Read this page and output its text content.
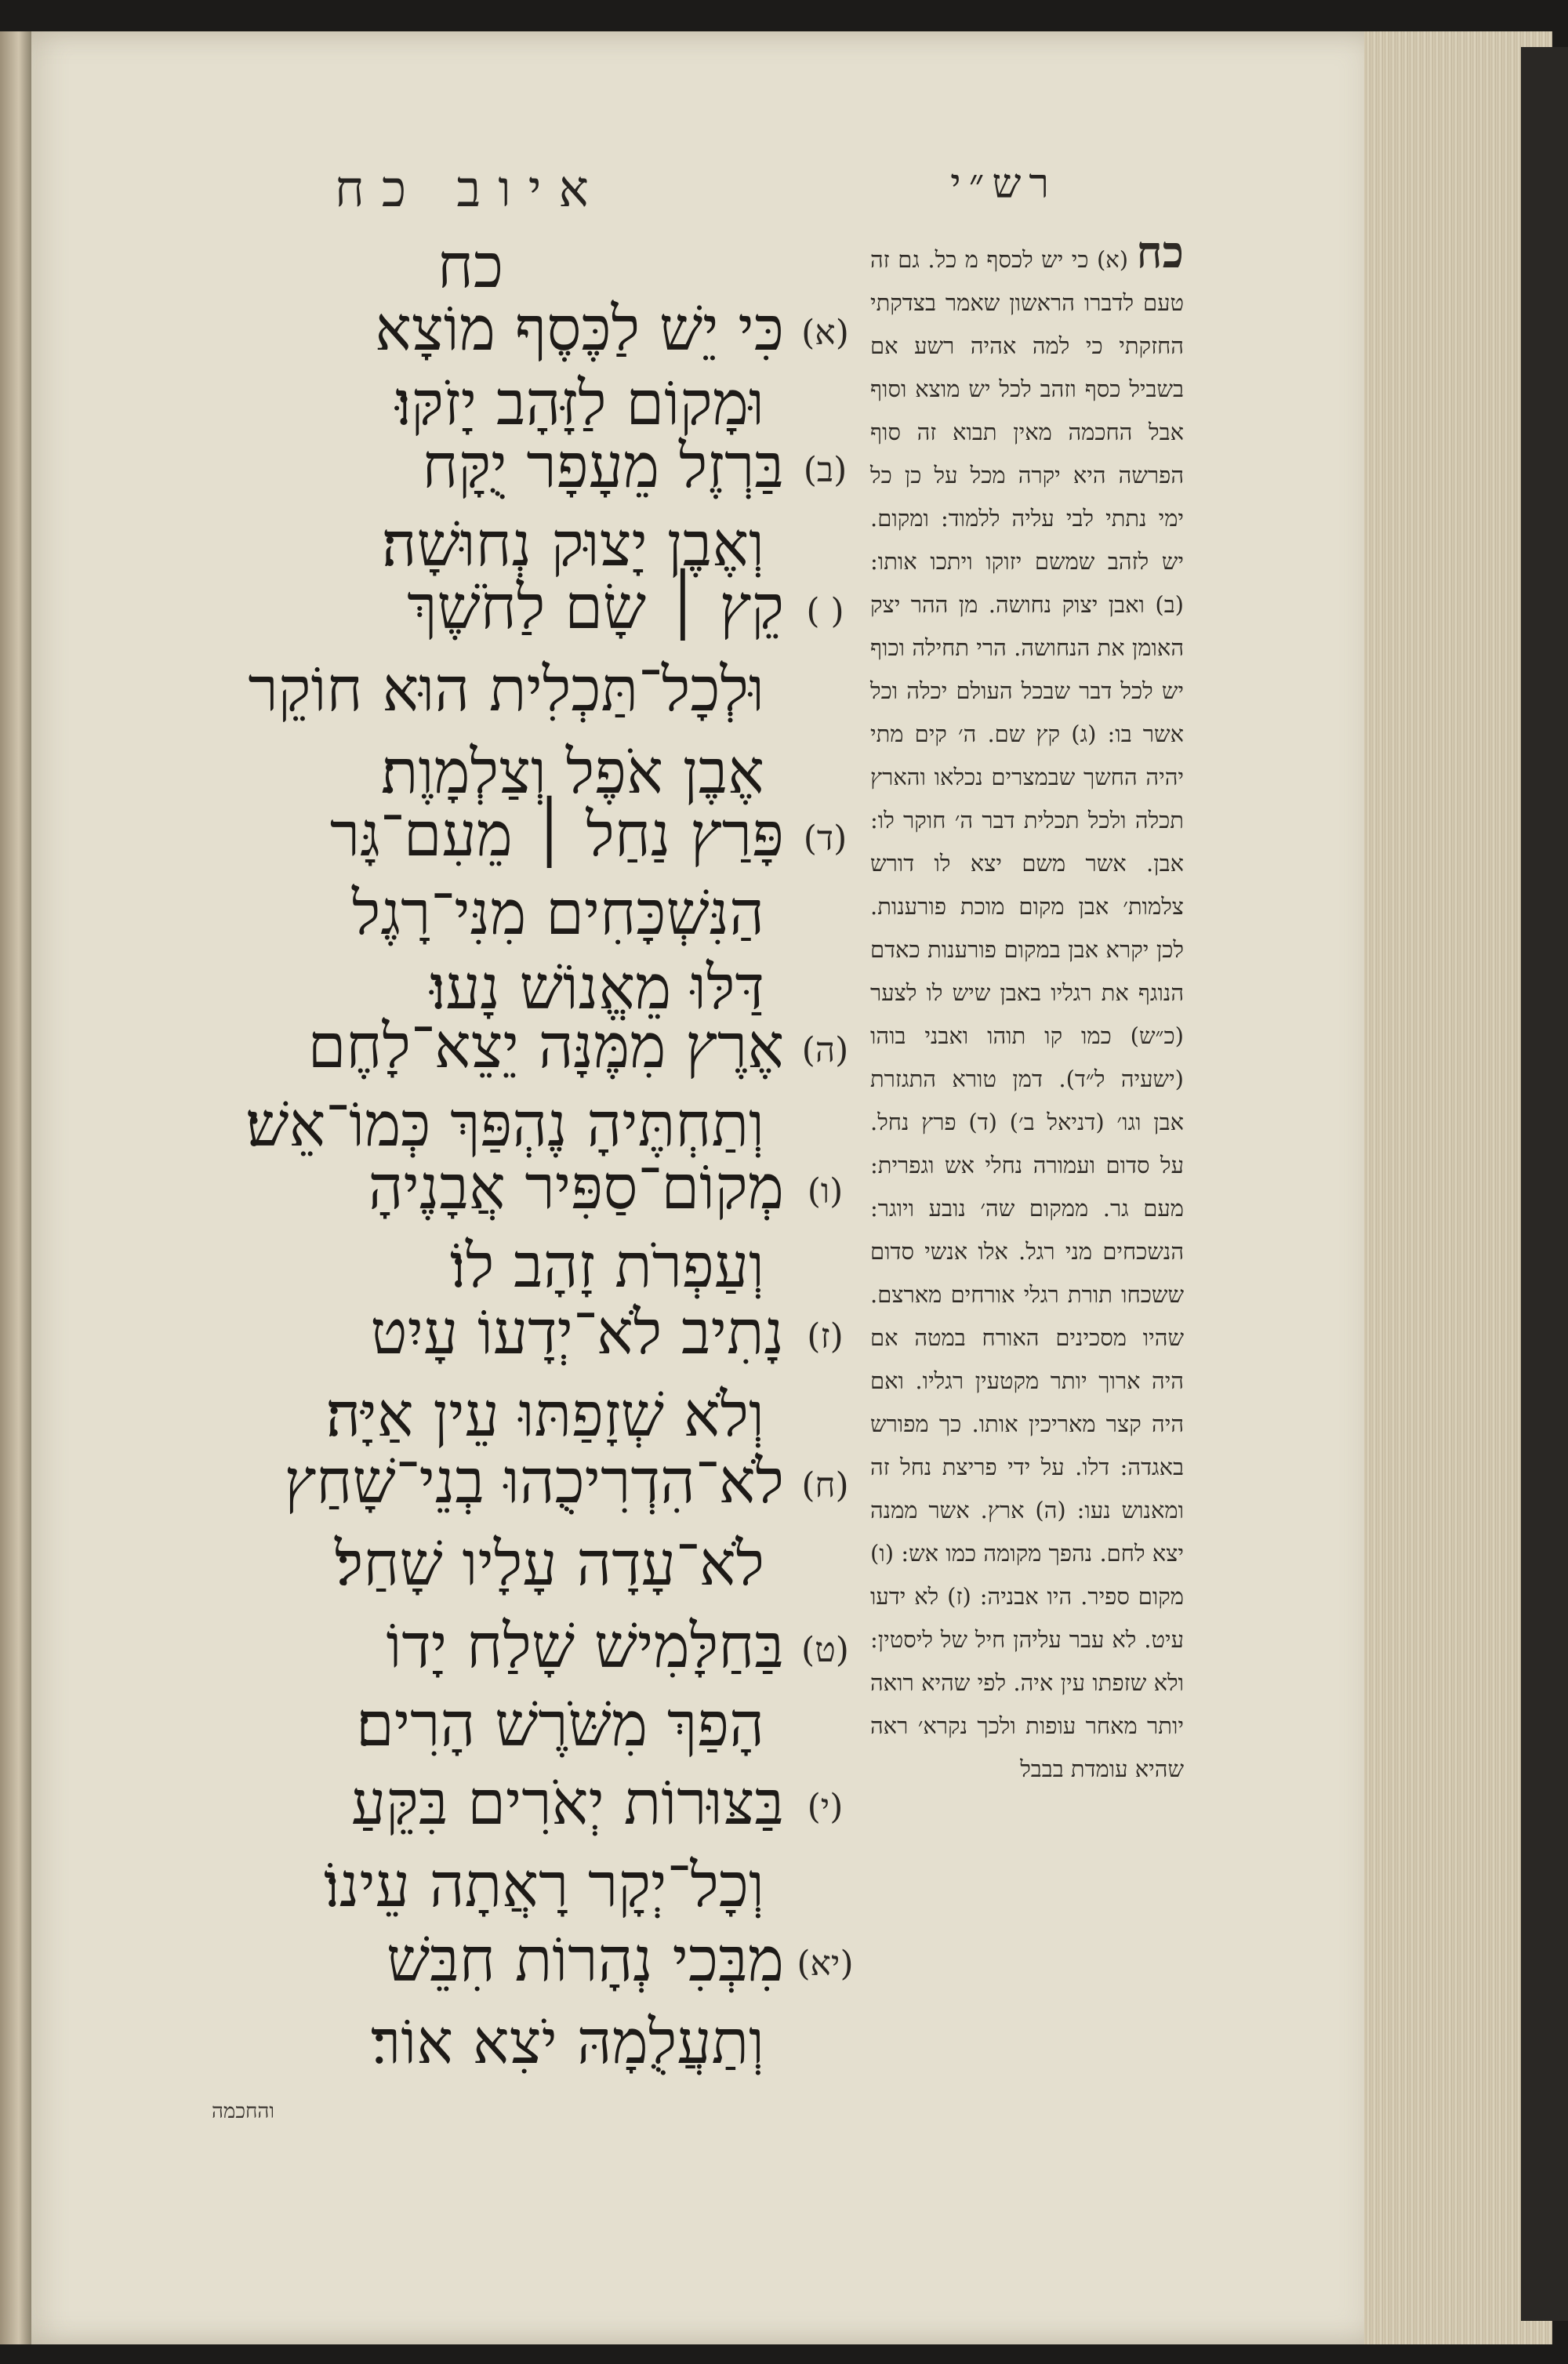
איוב כח	רש״י
כח
(א)
כִּי יֵשׁ לַכֶּסֶף מוֹצָא
וּמָקוֹם לַזָּהָב יָזֹקּוּ׃
(ב)
בַּרְזֶל מֵעָפָר יֻקָּח
וְאֶבֶן יָצוּק נְחוּשָׁה׃
( )
קֵץ ׀ שָׂם לַחֹשֶׁךְ
וּלְכָל־תַּכְלִית הוּא חוֹקֵר
אֶבֶן אֹפֶל וְצַלְמָוֶת׃
(ד)
פָּרַץ נַחַל ׀ מֵעִם־גָּר
הַנִּשְׁכָּחִים מִנִּי־רָגֶל
דַּלּוּ מֵאֱנוֹשׁ נָעוּ׃
(ה)
אֶרֶץ מִמֶּנָּה יֵצֵא־לָחֶם
וְתַחְתֶּיהָ נֶהְפַּךְ כְּמוֹ־אֵשׁ׃
(ו)
מְקוֹם־סַפִּיר אֲבָנֶיהָ
וְעַפְרֹת זָהָב לוֹ׃
(ז)
נָתִיב לֹא־יְדָעוֹ עָיִט
וְלֹא שְׁזָפַתּוּ עֵין אַיָּה׃
(ח)
לֹא־הִדְרִיכֻהוּ בְנֵי־שָׁחַץ
לֹא־עָדָה עָלָיו שָׁחַל׃
(ט)
בַּחַלָּמִישׁ שָׁלַח יָדוֹ
הָפַךְ מִשֹּׁרֶשׁ הָרִים׃
(י)
בַּצּוּרוֹת יְאֹרִים בִּקֵּעַ
וְכָל־יְקָר רָאֲתָה עֵינוֹ׃
(יא)
מִבְּכִי נְהָרוֹת חִבֵּשׁ
וְתַעֲלֻמָהּ יֹצִא אוֹר׃
כח (א) כי יש לכסף מ כל. גם זה טעם לדברו הראשון שאמר בצדקתי החזקתי כי למה אהיה רשע אם בשביל כסף וזהב לכל יש מוצא וסוף אבל החכמה מאין תבוא זה סוף הפרשה היא יקרה מכל על כן כל ימי נתתי לבי עליה ללמוד: ומקום. יש לזהב שמשם יזוקו ויתכו אותו: (ב) ואבן יצוק נחושה. מן ההר יצק האומן את הנחושה. הרי תחילה וכוף יש לכל דבר שבכל העולם יכלה וכל אשר בו: (ג) קץ שם. ה׳ קים מתי יהיה החשך שבמצרים נכלאו והארץ תכלה ולכל תכלית דבר ה׳ חוקר לו: אבן. אשר משם יצא לו דורש צלמות׳ אבן מקום מוכת פורענות. לכן יקרא אבן במקום פורענות כאדם הנוגף את רגליו באבן שיש לו לצער (כ״ש) כמו קו תוהו ואבני בוהו (ישעיה ל״ד). דמן טורא התגזרת אבן וגו׳ (דניאל ב׳) (ד) פרץ נחל. על סדום ועמורה נחלי אש וגפרית: מעם גר. ממקום שה׳ נובע ויוגר: הנשכחים מני רגל. אלו אנשי סדום ששכחו תורת רגלי אורחים מארצם. שהיו מסכינים האורח במטה אם היה ארוך יותר מקטעין רגליו. ואם היה קצר מאריכין אותו. כך מפורש באגדה: דלו. על ידי פריצת נחל זה ומאנוש נעו: (ה) ארץ. אשר ממנה יצא לחם. נהפך מקומה כמו אש: (ו) מקום ספיר. היו אבניה: (ז) לא ידעו עיט. לא עבר עליהן חיל של ליסטין: ולא שזפתו עין איה. לפי שהיא רואה יותר מאחר עופות ולכך נקרא׳ ראה שהיא עומדת בבבל
והחכמה
